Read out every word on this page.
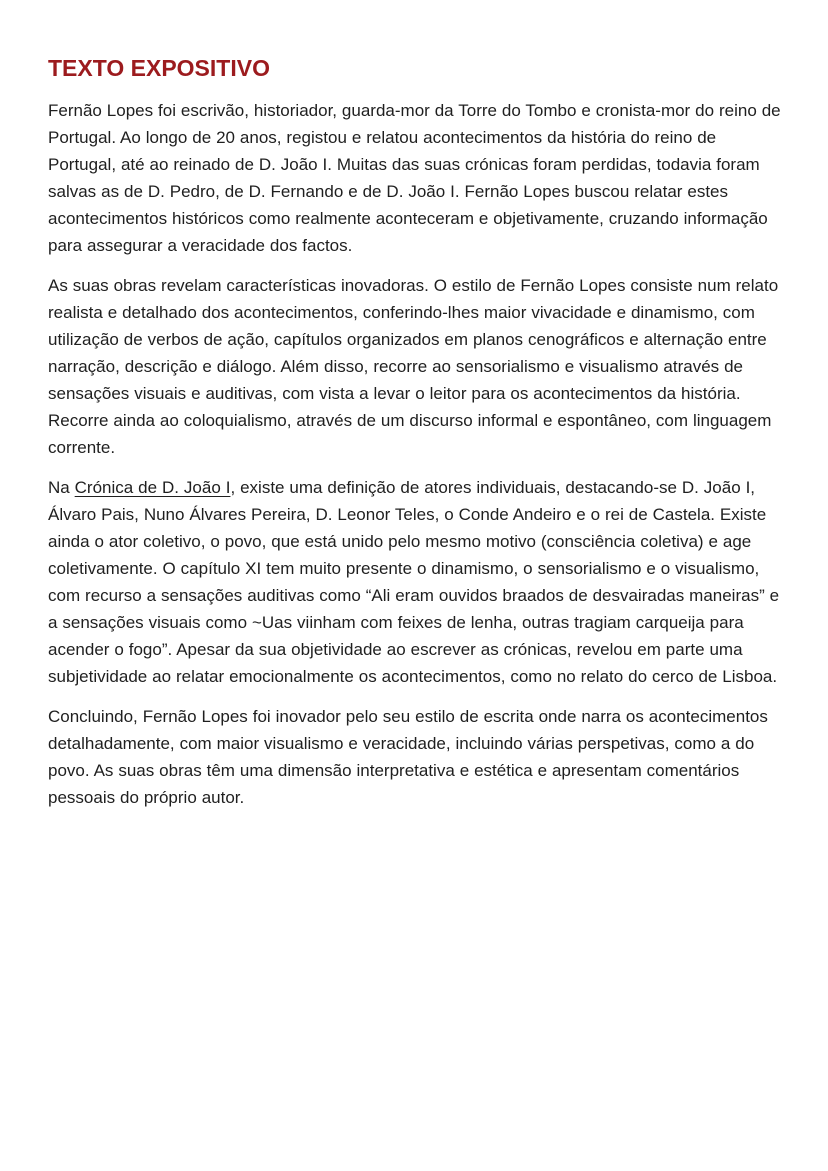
TEXTO EXPOSITIVO

Fernão Lopes foi escrivão, historiador, guarda-mor da Torre do Tombo e cronista-mor do reino de Portugal. Ao longo de 20 anos, registou e relatou acontecimentos da história do reino de Portugal, até ao reinado de D. João I. Muitas das suas crónicas foram perdidas, todavia foram salvas as de D. Pedro, de D. Fernando e de D. João I. Fernão Lopes buscou relatar estes acontecimentos históricos como realmente aconteceram e objetivamente, cruzando informação para assegurar a veracidade dos factos.

As suas obras revelam características inovadoras. O estilo de Fernão Lopes consiste num relato realista e detalhado dos acontecimentos, conferindo-lhes maior vivacidade e dinamismo, com utilização de verbos de ação, capítulos organizados em planos cenográficos e alternação entre narração, descrição e diálogo. Além disso, recorre ao sensorialismo e visualismo através de sensações visuais e auditivas, com vista a levar o leitor para os acontecimentos da história. Recorre ainda ao coloquialismo, através de um discurso informal e espontâneo, com linguagem corrente.

Na Crónica de D. João I, existe uma definição de atores individuais, destacando-se D. João I, Álvaro Pais, Nuno Álvares Pereira, D. Leonor Teles, o Conde Andeiro e o rei de Castela. Existe ainda o ator coletivo, o povo, que está unido pelo mesmo motivo (consciência coletiva) e age coletivamente. O capítulo XI tem muito presente o dinamismo, o sensorialismo e o visualismo, com recurso a sensações auditivas como “Ali eram ouvidos braados de desvairadas maneiras” e a sensações visuais como ~Uas viinham com feixes de lenha, outras tragiam carqueija para acender o fogo”. Apesar da sua objetividade ao escrever as crónicas, revelou em parte uma subjetividade ao relatar emocionalmente os acontecimentos, como no relato do cerco de Lisboa.

Concluindo, Fernão Lopes foi inovador pelo seu estilo de escrita onde narra os acontecimentos detalhadamente, com maior visualismo e veracidade, incluindo várias perspetivas, como a do povo. As suas obras têm uma dimensão interpretativa e estética e apresentam comentários pessoais do próprio autor.
